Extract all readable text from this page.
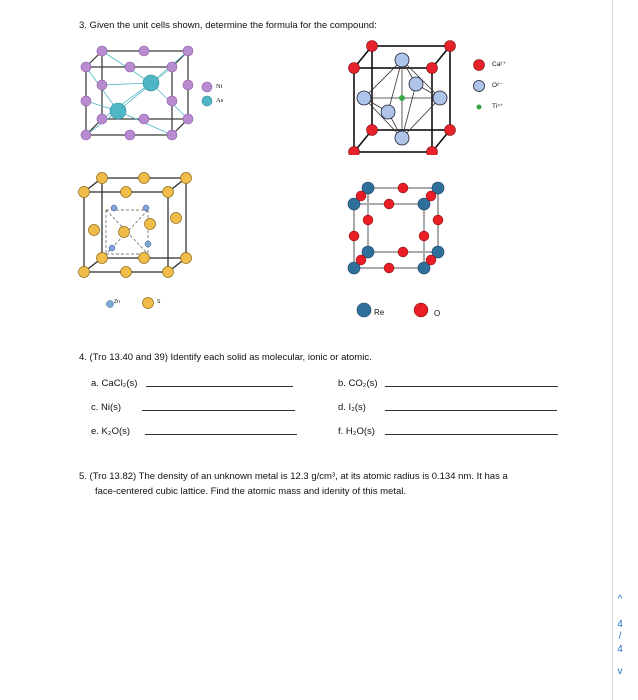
3. Given the unit cells shown, determine the formula for the compound:
Ni
As
Ca²⁺
O²⁻
Ti⁴⁺
Zn	S
Re	O
4. (Tro 13.40 and 39) Identify each solid as molecular, ionic or atomic.
a. CaCl₂(s)	b. CO₂(s)
c. Ni(s)	d. I₂(s)
e. K₂O(s)	f. H₂O(s)
5. (Tro 13.82) The density of an unknown metal is 12.3 g/cm³, at its atomic radius is 0.134 nm. It has a
face-centered cubic lattice. Find the atomic mass and idenity of this metal.
^
4
/
4
v
